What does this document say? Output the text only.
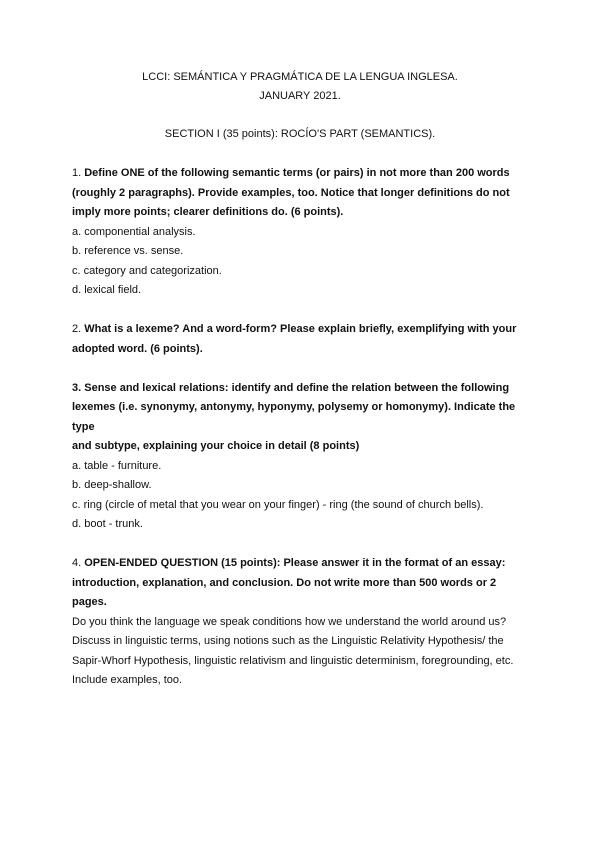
LCCI: SEMÁNTICA Y PRAGMÁTICA DE LA LENGUA INGLESA.
JANUARY 2021.
SECTION I (35 points): ROCÍO'S PART (SEMANTICS).

1. Define ONE of the following semantic terms (or pairs) in not more than 200 words (roughly 2 paragraphs). Provide examples, too. Notice that longer definitions do not imply more points; clearer definitions do. (6 points).

a. componential analysis.

b. reference vs. sense.

c. category and categorization.

d. lexical field.

2. What is a lexeme? And a word-form? Please explain briefly, exemplifying with your adopted word. (6 points).

3. Sense and lexical relations: identify and define the relation between the following lexemes (i.e. synonymy, antonymy, hyponymy, polysemy or homonymy). Indicate the type

and subtype, explaining your choice in detail (8 points)

a. table - furniture.

b. deep-shallow.

c. ring (circle of metal that you wear on your finger) - ring (the sound of church bells).

d. boot - trunk.

4. OPEN-ENDED QUESTION (15 points): Please answer it in the format of an essay: introduction, explanation, and conclusion. Do not write more than 500 words or 2 pages.

Do you think the language we speak conditions how we understand the world around us? Discuss in linguistic terms, using notions such as the Linguistic Relativity Hypothesis/ the Sapir-Whorf Hypothesis, linguistic relativism and linguistic determinism, foregrounding, etc. Include examples, too.
